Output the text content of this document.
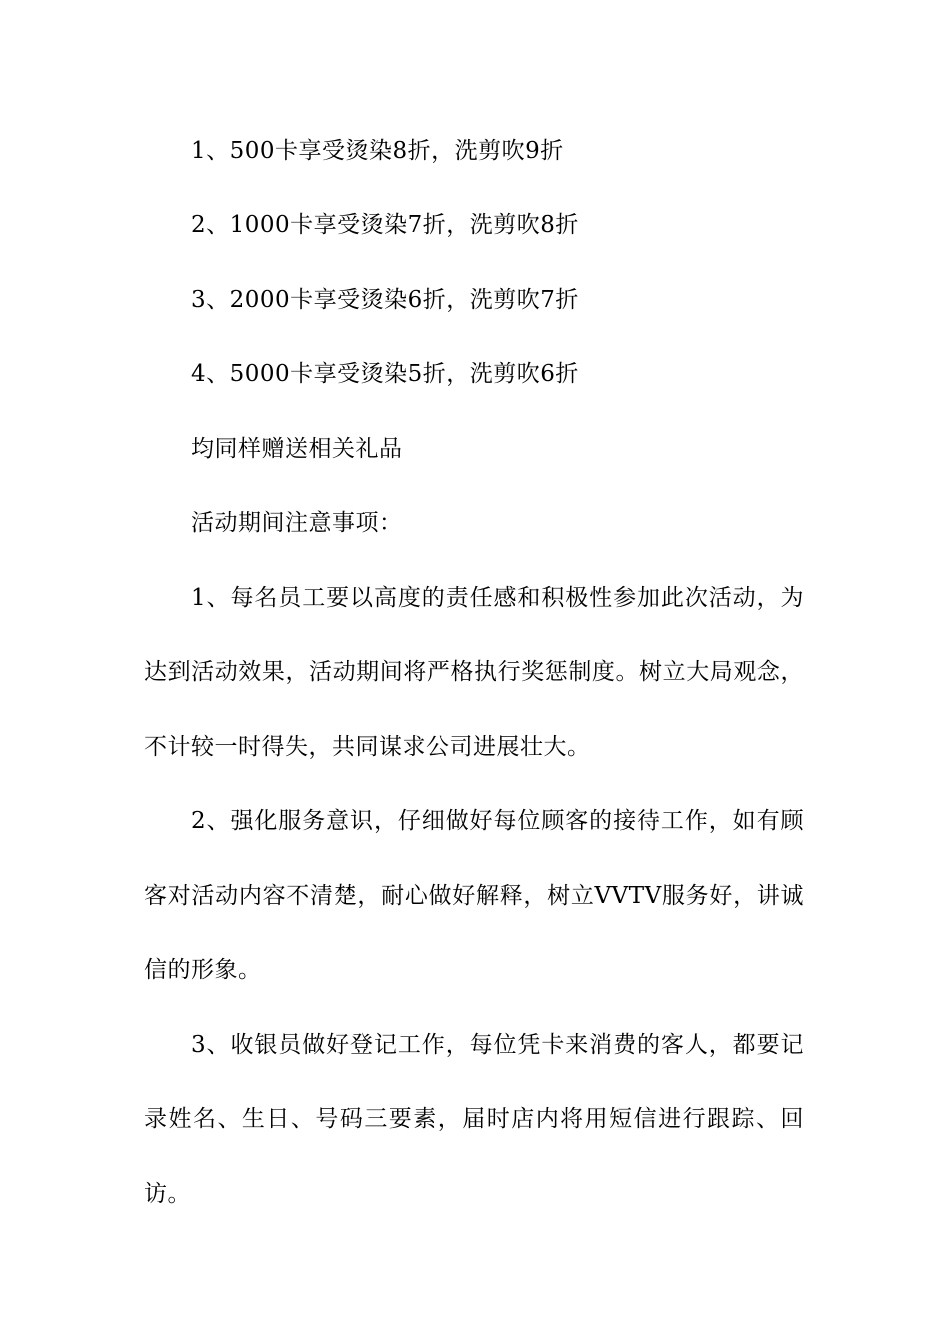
1、500卡享受烫染8折，洗剪吹9折
2、1000卡享受烫染7折，洗剪吹8折
3、2000卡享受烫染6折，洗剪吹7折
4、5000卡享受烫染5折，洗剪吹6折
均同样赠送相关礼品
活动期间注意事项：
1、每名员工要以高度的责任感和积极性参加此次活动，为
达到活动效果，活动期间将严格执行奖惩制度。树立大局观念，
不计较一时得失，共同谋求公司进展壮大。
2、强化服务意识，仔细做好每位顾客的接待工作，如有顾
客对活动内容不清楚，耐心做好解释，树立VVTV服务好，讲诚
信的形象。
3、收银员做好登记工作，每位凭卡来消费的客人，都要记
录姓名、生日、号码三要素，届时店内将用短信进行跟踪、回
访。
